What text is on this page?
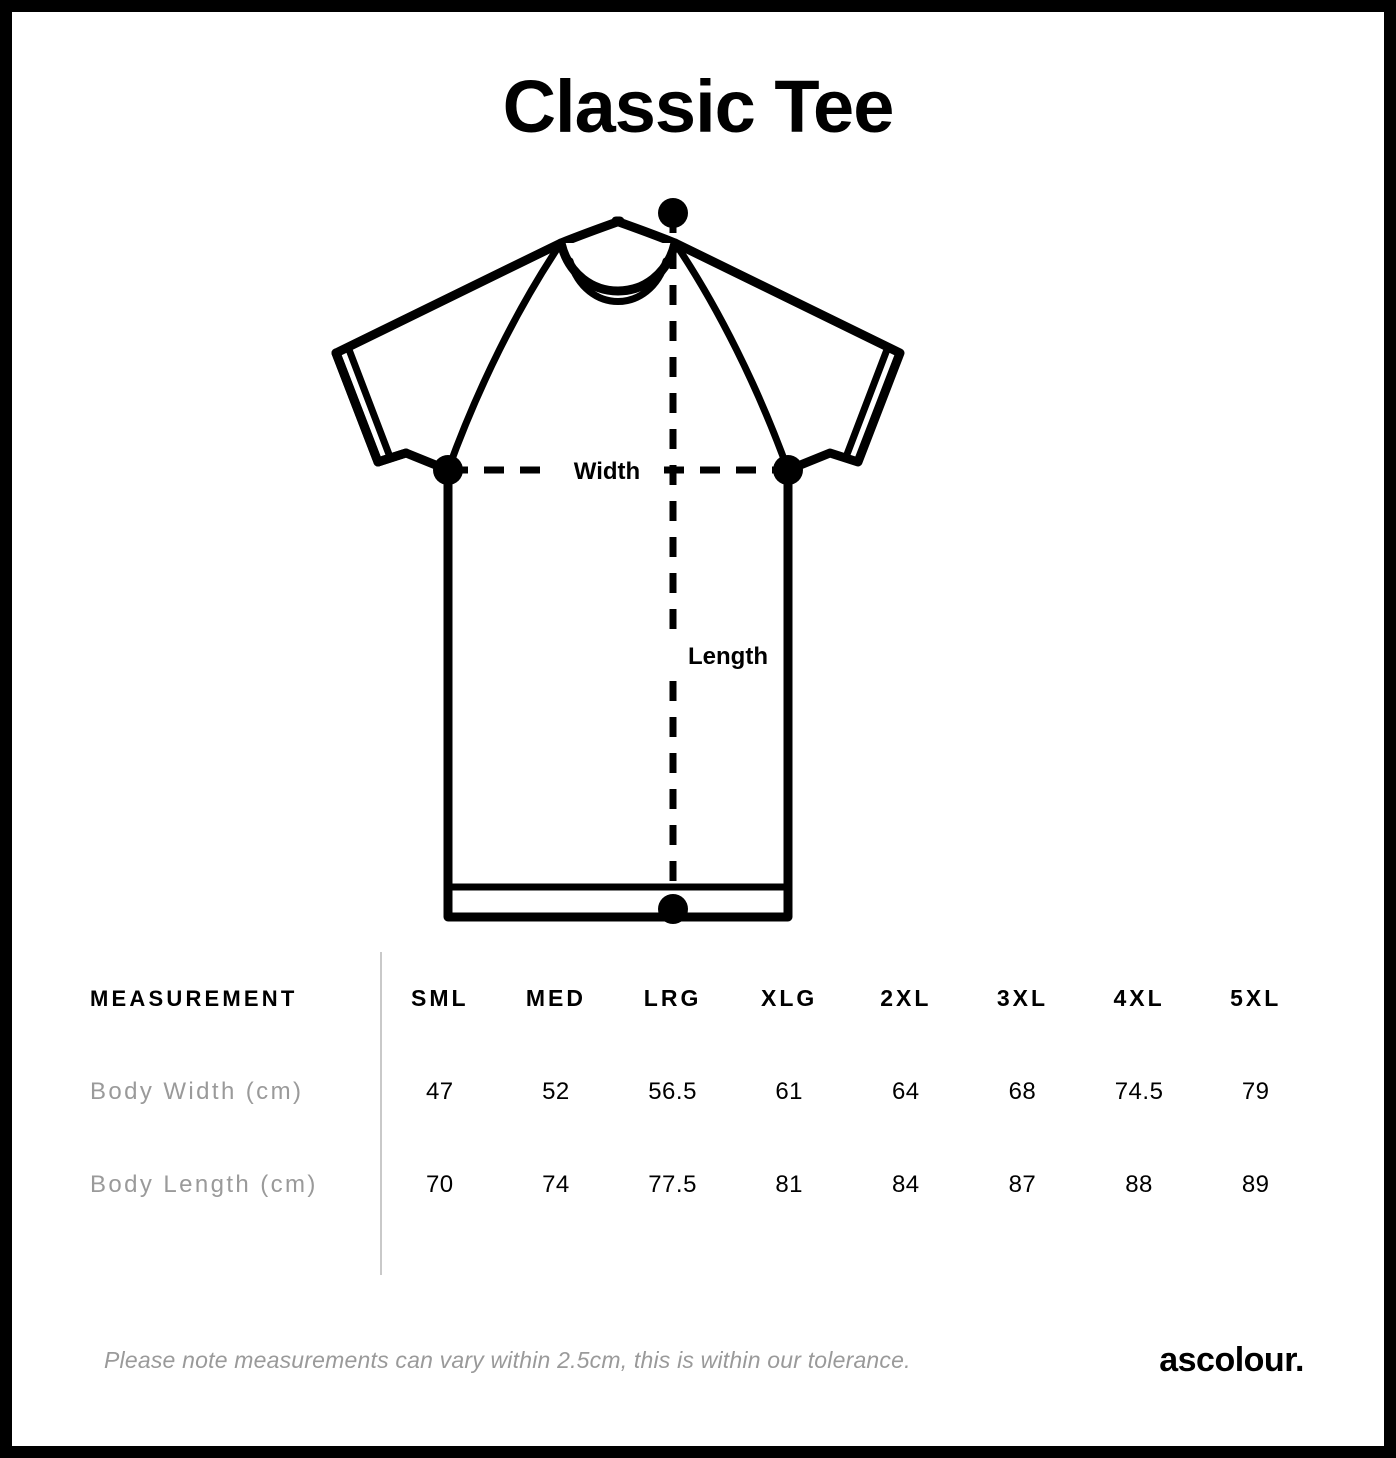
Classic Tee
Width
Length
MEASUREMENT	SML	MED	LRG	XLG	2XL	3XL	4XL	5XL
Body Width (cm)	47	52	56.5	61	64	68	74.5	79
Body Length (cm)	70	74	77.5	81	84	87	88	89

Please note measurements can vary within 2.5cm, this is within our tolerance.	ascolour.
